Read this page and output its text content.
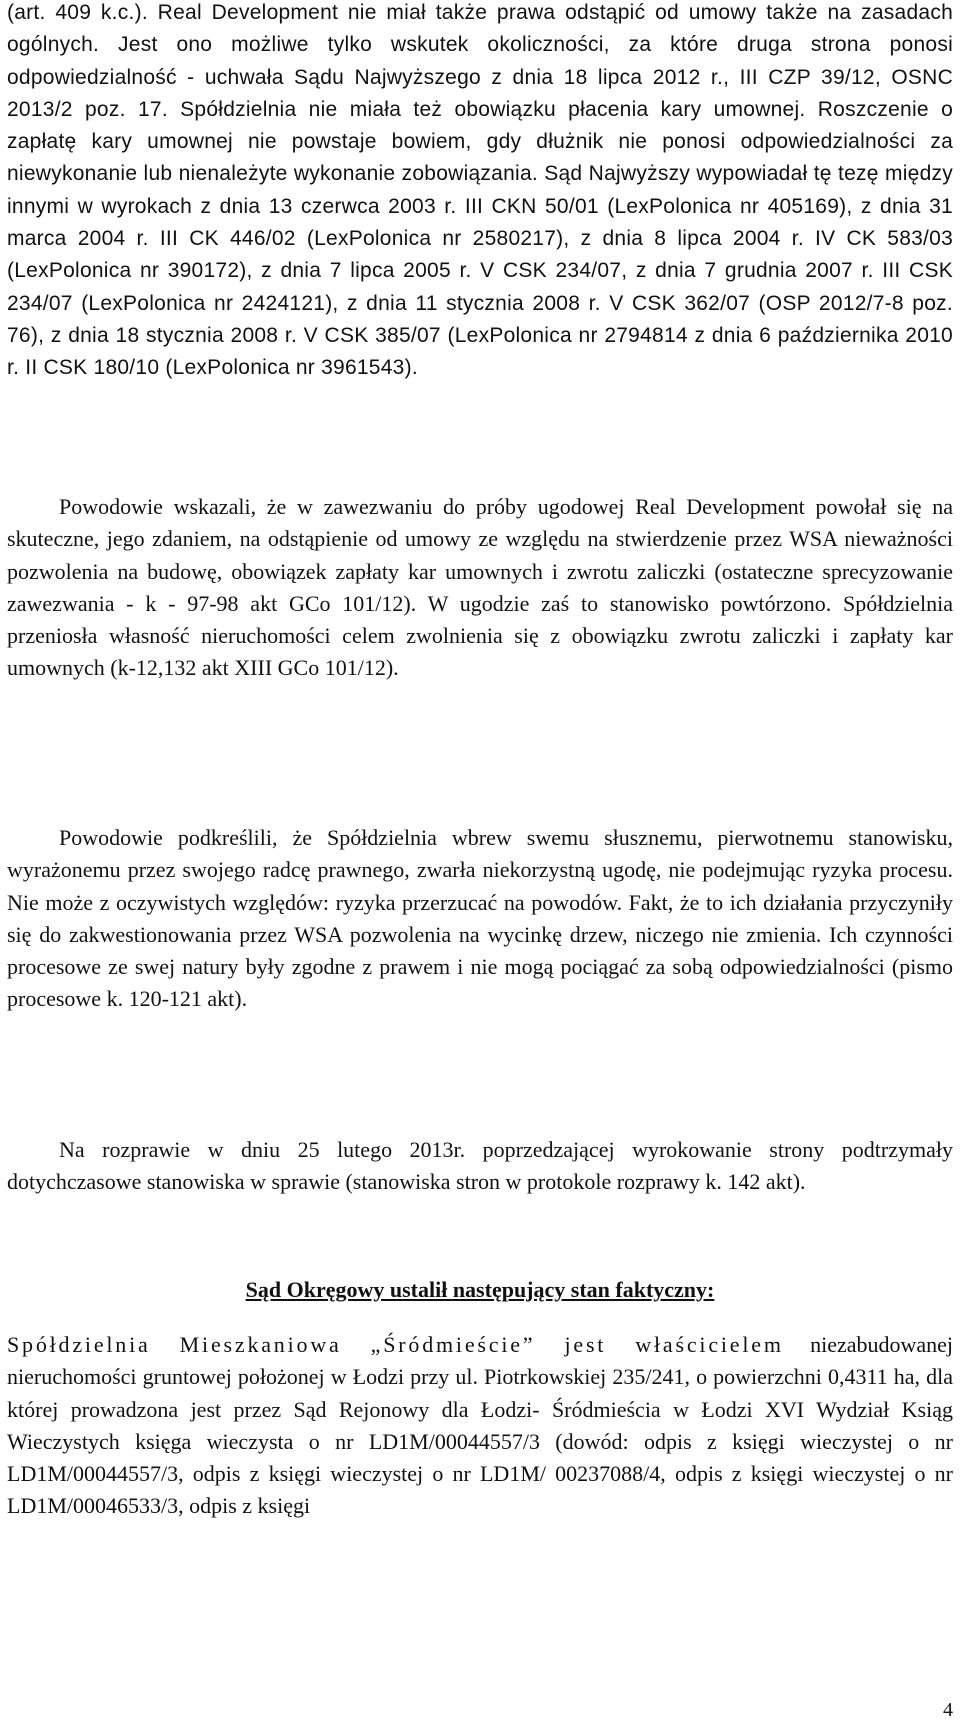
(art. 409 k.c.). Real Development nie miał także prawa odstąpić od umowy także na zasadach ogólnych. Jest ono możliwe tylko wskutek okoliczności, za które druga strona ponosi odpowiedzialność - uchwała Sądu Najwyższego z dnia 18 lipca 2012 r., III CZP 39/12, OSNC 2013/2 poz. 17. Spółdzielnia nie miała też obowiązku płacenia kary umownej. Roszczenie o zapłatę kary umownej nie powstaje bowiem, gdy dłużnik nie ponosi odpowiedzialności za niewykonanie lub nienależyte wykonanie zobowiązania. Sąd Najwyższy wypowiadał tę tezę między innymi w wyrokach z dnia 13 czerwca 2003 r. III CKN 50/01 (LexPolonica nr 405169), z dnia 31 marca 2004 r. III CK 446/02 (LexPolonica nr 2580217), z dnia 8 lipca 2004 r. IV CK 583/03 (LexPolonica nr 390172), z dnia 7 lipca 2005 r. V CSK 234/07, z dnia 7 grudnia 2007 r. III CSK 234/07 (LexPolonica nr 2424121), z dnia 11 stycznia 2008 r. V CSK 362/07 (OSP 2012/7-8 poz. 76), z dnia 18 stycznia 2008 r. V CSK 385/07 (LexPolonica nr 2794814 z dnia 6 października 2010 r. II CSK 180/10 (LexPolonica nr 3961543).

Powodowie wskazali, że w zawezwaniu do próby ugodowej Real Development powołał się na skuteczne, jego zdaniem, na odstąpienie od umowy ze względu na stwierdzenie przez WSA nieważności pozwolenia na budowę, obowiązek zapłaty kar umownych i zwrotu zaliczki (ostateczne sprecyzowanie zawezwania - k - 97-98 akt GCo 101/12). W ugodzie zaś to stanowisko powtórzono. Spółdzielnia przeniosła własność nieruchomości celem zwolnienia się z obowiązku zwrotu zaliczki i zapłaty kar umownych (k-12,132 akt XIII GCo 101/12).

Powodowie podkreślili, że Spółdzielnia wbrew swemu słusznemu, pierwotnemu stanowisku, wyrażonemu przez swojego radcę prawnego, zwarła niekorzystną ugodę, nie podejmując ryzyka procesu. Nie może z oczywistych względów: ryzyka przerzucać na powodów. Fakt, że to ich działania przyczyniły się do zakwestionowania przez WSA pozwolenia na wycinkę drzew, niczego nie zmienia. Ich czynności procesowe ze swej natury były zgodne z prawem i nie mogą pociągać za sobą odpowiedzialności (pismo procesowe k. 120-121 akt).

Na rozprawie w dniu 25 lutego 2013r. poprzedzającej wyrokowanie strony podtrzymały dotychczasowe stanowiska w sprawie (stanowiska stron w protokole rozprawy k. 142 akt).

Sąd Okręgowy ustalił następujący stan faktyczny:

Spółdzielnia Mieszkaniowa „Śródmieście” jest właścicielem niezabudowanej nieruchomości gruntowej położonej w Łodzi przy ul. Piotrkowskiej 235/241, o powierzchni 0,4311 ha, dla której prowadzona jest przez Sąd Rejonowy dla Łodzi- Śródmieścia w Łodzi XVI Wydział Ksiąg Wieczystych księga wieczysta o nr LD1M/00044557/3 (dowód: odpis z księgi wieczystej o nr LD1M/00044557/3, odpis z księgi wieczystej o nr LD1M/ 00237088/4, odpis z księgi wieczystej o nr LD1M/00046533/3, odpis z księgi

4
